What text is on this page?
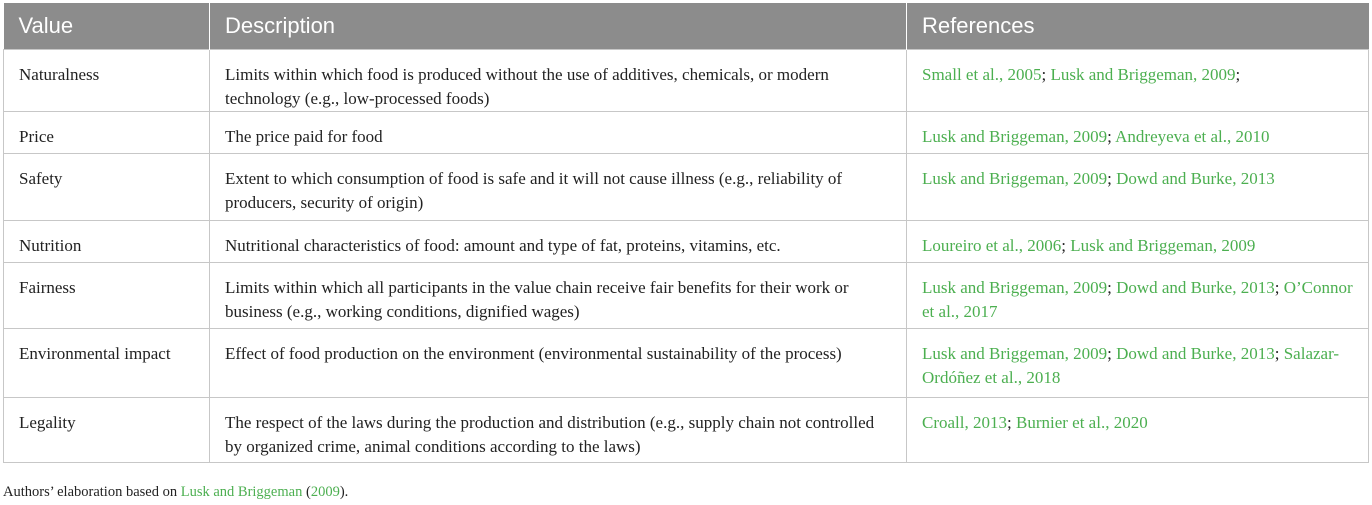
Value	Description	References
Naturalness	Limits within which food is produced without the use of additives, chemicals, or modern technology (e.g., low-processed foods)	Small et al., 2005; Lusk and Briggeman, 2009;
Price	The price paid for food	Lusk and Briggeman, 2009; Andreyeva et al., 2010
Safety	Extent to which consumption of food is safe and it will not cause illness (e.g., reliability of producers, security of origin)	Lusk and Briggeman, 2009; Dowd and Burke, 2013
Nutrition	Nutritional characteristics of food: amount and type of fat, proteins, vitamins, etc.	Loureiro et al., 2006; Lusk and Briggeman, 2009
Fairness	Limits within which all participants in the value chain receive fair benefits for their work or business (e.g., working conditions, dignified wages)	Lusk and Briggeman, 2009; Dowd and Burke, 2013; O’Connor et al., 2017
Environmental impact	Effect of food production on the environment (environmental sustainability of the process)	Lusk and Briggeman, 2009; Dowd and Burke, 2013; Salazar-Ordóñez et al., 2018
Legality	The respect of the laws during the production and distribution (e.g., supply chain not controlled by organized crime, animal conditions according to the laws)	Croall, 2013; Burnier et al., 2020
Authors’ elaboration based on Lusk and Briggeman (2009).
